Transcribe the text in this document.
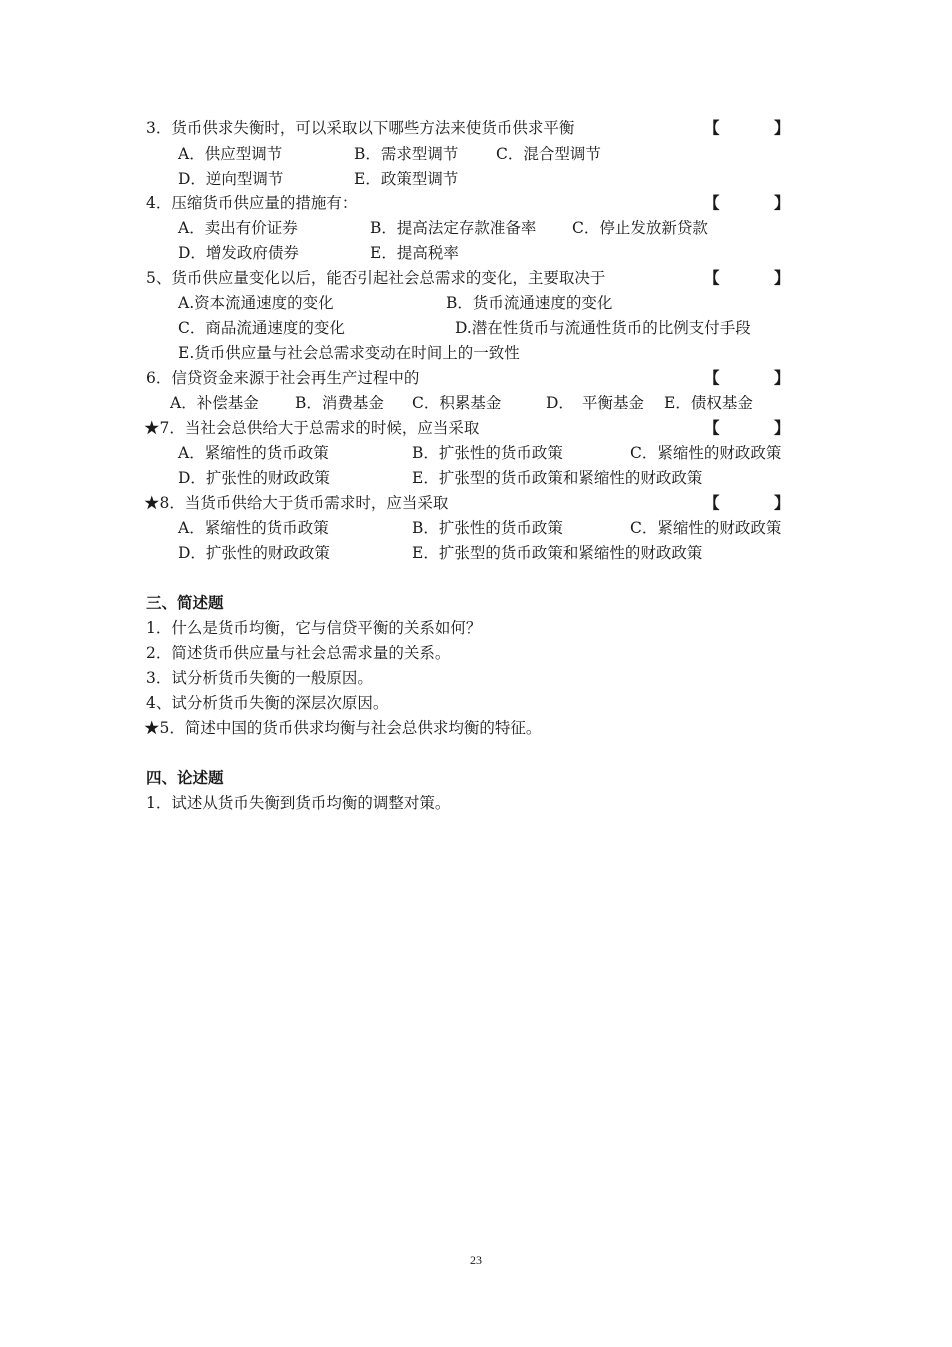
3．货币供求失衡时，可以采取以下哪些方法来使货币供求平衡	【	】
A．供应型调节	B．需求型调节 C．混合型调节
D．逆向型调节	E．政策型调节
4．压缩货币供应量的措施有：	【	】
A．卖出有价证券	B．提高法定存款准备率 C．停止发放新贷款
D．增发政府债券	E．提高税率
5、货币供应量变化以后，能否引起社会总需求的变化，主要取决于	【	】
A.资本流通速度的变化	B．货币流通速度的变化
C．商品流通速度的变化	D.潜在性货币与流通性货币的比例支付手段
E.货币供应量与社会总需求变动在时间上的一致性
6．信贷资金来源于社会再生产过程中的	【	】
A．补偿基金 B．消费基金 C．积累基金	D． 平衡基金 E．债权基金
★7．当社会总供给大于总需求的时候，应当采取	【	】
A．紧缩性的货币政策	B．扩张性的货币政策	C．紧缩性的财政政策
D．扩张性的财政政策	E．扩张型的货币政策和紧缩性的财政政策
★8．当货币供给大于货币需求时，应当采取	【	】
A．紧缩性的货币政策	B．扩张性的货币政策	C．紧缩性的财政政策
D．扩张性的财政政策	E．扩张型的货币政策和紧缩性的财政政策
三、简述题
1．什么是货币均衡，它与信贷平衡的关系如何？
2．简述货币供应量与社会总需求量的关系。
3．试分析货币失衡的一般原因。
4、试分析货币失衡的深层次原因。
★5．简述中国的货币供求均衡与社会总供求均衡的特征。
四、论述题
1．试述从货币失衡到货币均衡的调整对策。
23
